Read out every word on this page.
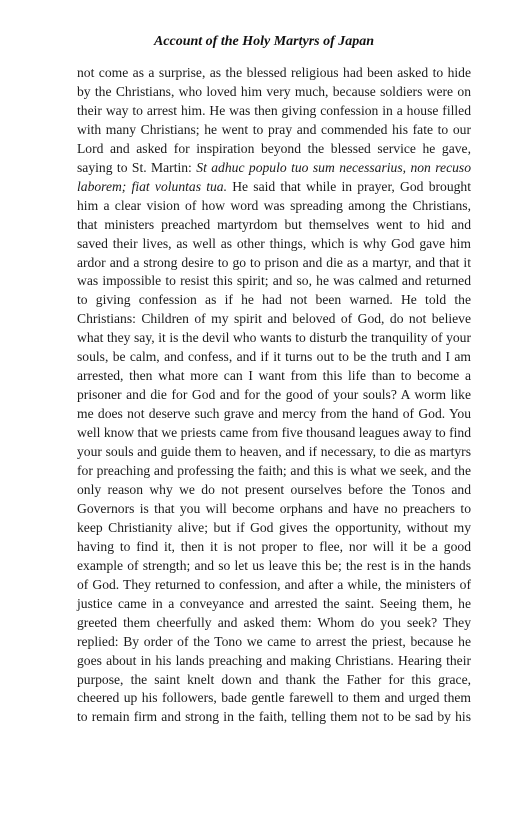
Account of the Holy Martyrs of Japan

not come as a surprise, as the blessed religious had been asked to hide by the Christians, who loved him very much, because soldiers were on their way to arrest him. He was then giving confession in a house filled with many Christians; he went to pray and commended his fate to our Lord and asked for inspiration beyond the blessed service he gave, saying to St. Martin: St adhuc populo tuo sum necessarius, non recuso laborem; fiat voluntas tua. He said that while in prayer, God brought him a clear vision of how word was spreading among the Christians, that ministers preached martyrdom but themselves went to hid and saved their lives, as well as other things, which is why God gave him ardor and a strong desire to go to prison and die as a martyr, and that it was impossible to resist this spirit; and so, he was calmed and returned to giving confession as if he had not been warned. He told the Christians: Children of my spirit and beloved of God, do not believe what they say, it is the devil who wants to disturb the tranquility of your souls, be calm, and confess, and if it turns out to be the truth and I am arrested, then what more can I want from this life than to become a prisoner and die for God and for the good of your souls? A worm like me does not deserve such grave and mercy from the hand of God. You well know that we priests came from five thousand leagues away to find your souls and guide them to heaven, and if necessary, to die as martyrs for preaching and professing the faith; and this is what we seek, and the only reason why we do not present ourselves before the Tonos and Governors is that you will become orphans and have no preachers to keep Christianity alive; but if God gives the opportunity, without my having to find it, then it is not proper to flee, nor will it be a good example of strength; and so let us leave this be; the rest is in the hands of God. They returned to confession, and after a while, the ministers of justice came in a conveyance and arrested the saint. Seeing them, he greeted them cheerfully and asked them: Whom do you seek? They replied: By order of the Tono we came to arrest the priest, because he goes about in his lands preaching and making Christians. Hearing their purpose, the saint knelt down and thank the Father for this grace, cheered up his followers, bade gentle farewell to them and urged them to remain firm and strong in the faith, telling them not to be sad by his
